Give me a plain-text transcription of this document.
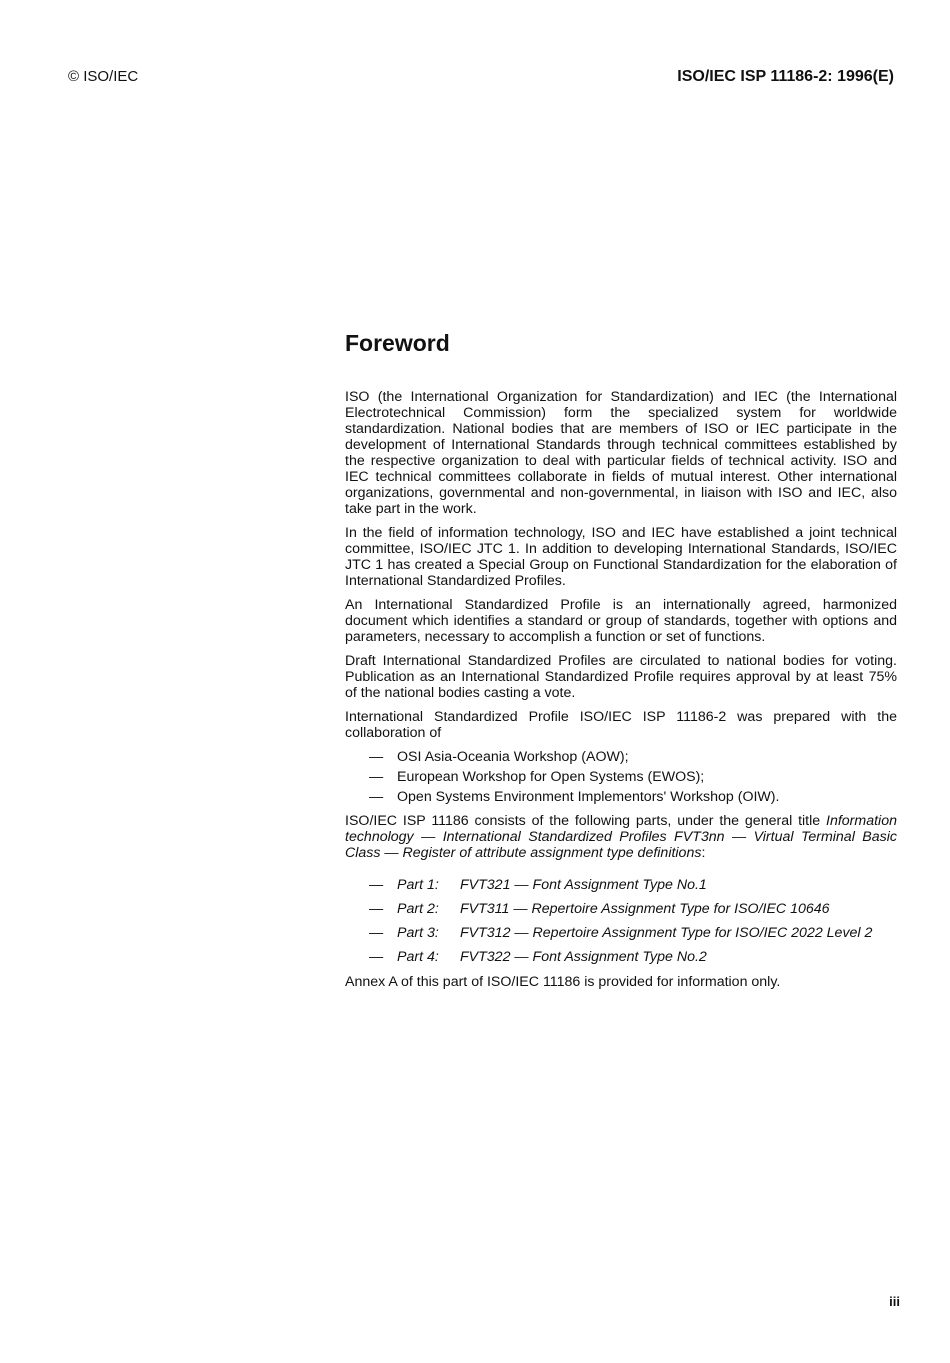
© ISO/IEC	ISO/IEC ISP 11186-2: 1996(E)
Foreword

ISO (the International Organization for Standardization) and IEC (the International Electrotechnical Commission) form the specialized system for worldwide standardization. National bodies that are members of ISO or IEC participate in the development of International Standards through technical committees established by the respective organization to deal with particular fields of technical activity. ISO and IEC technical committees collaborate in fields of mutual interest. Other international organizations, governmental and non-governmental, in liaison with ISO and IEC, also take part in the work.

In the field of information technology, ISO and IEC have established a joint technical committee, ISO/IEC JTC 1. In addition to developing International Standards, ISO/IEC JTC 1 has created a Special Group on Functional Standardization for the elaboration of International Standardized Profiles.

An International Standardized Profile is an internationally agreed, harmonized document which identifies a standard or group of standards, together with options and parameters, necessary to accomplish a function or set of functions.

Draft International Standardized Profiles are circulated to national bodies for voting. Publication as an International Standardized Profile requires approval by at least 75% of the national bodies casting a vote.

International Standardized Profile ISO/IEC ISP 11186-2 was prepared with the collaboration of

— OSI Asia-Oceania Workshop (AOW);
— European Workshop for Open Systems (EWOS);
— Open Systems Environment Implementors' Workshop (OIW).

ISO/IEC ISP 11186 consists of the following parts, under the general title Information technology — International Standardized Profiles FVT3nn — Virtual Terminal Basic Class — Register of attribute assignment type definitions:

— Part 1: FVT321 — Font Assignment Type No.1
— Part 2: FVT311 — Repertoire Assignment Type for ISO/IEC 10646
— Part 3: FVT312 — Repertoire Assignment Type for ISO/IEC 2022 Level 2
— Part 4: FVT322 — Font Assignment Type No.2

Annex A of this part of ISO/IEC 11186 is provided for information only.

iii
